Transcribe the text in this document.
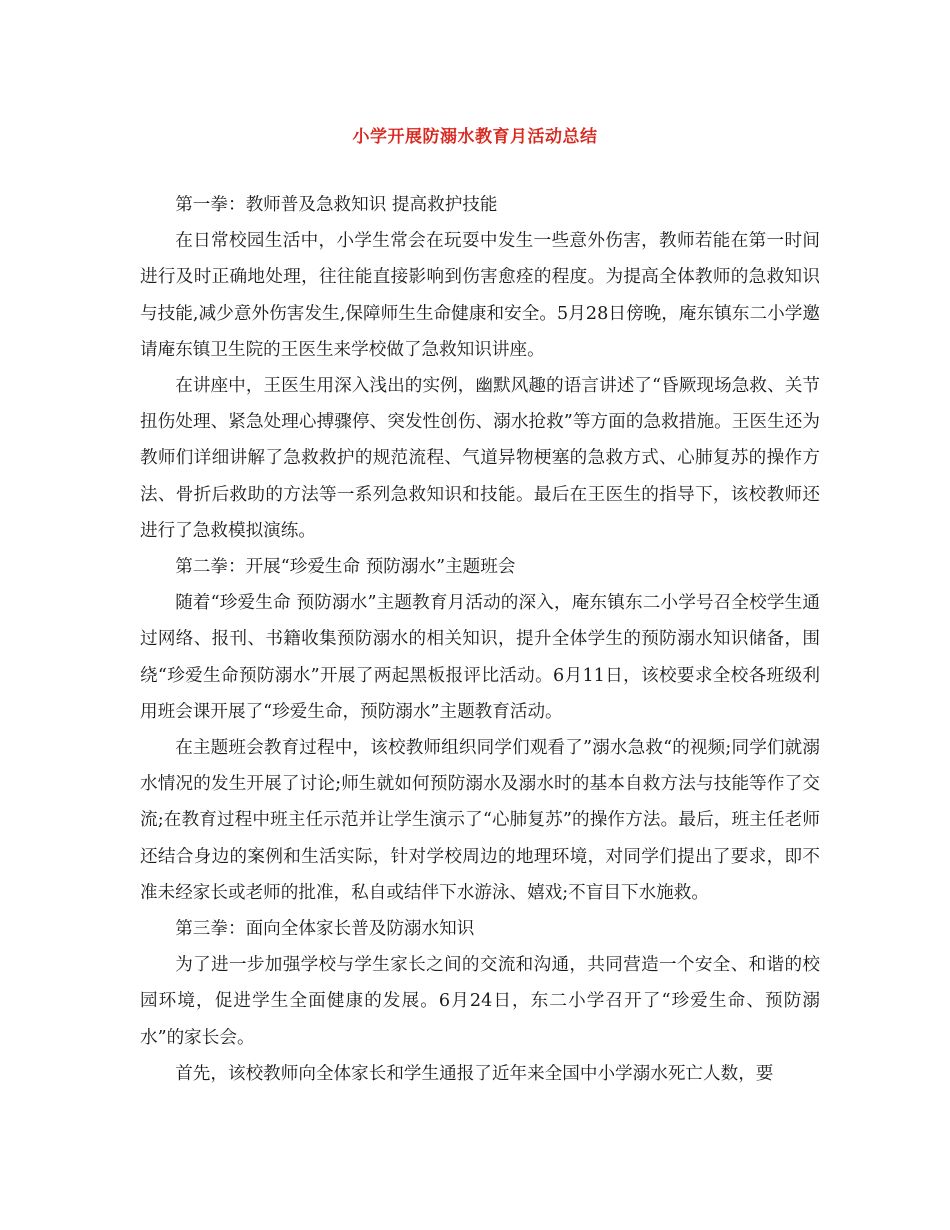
小学开展防溺水教育月活动总结

第一拳：教师普及急救知识 提高救护技能

在日常校园生活中，小学生常会在玩耍中发生一些意外伤害，教师若能在第一时间进行及时正确地处理，往往能直接影响到伤害愈痊的程度。为提高全体教师的急救知识与技能,减少意外伤害发生,保障师生生命健康和安全。5月28日傍晚，庵东镇东二小学邀请庵东镇卫生院的王医生来学校做了急救知识讲座。

在讲座中，王医生用深入浅出的实例，幽默风趣的语言讲述了“昏厥现场急救、关节扭伤处理、紧急处理心搏骤停、突发性创伤、溺水抢救”等方面的急救措施。王医生还为教师们详细讲解了急救救护的规范流程、气道异物梗塞的急救方式、心肺复苏的操作方法、骨折后救助的方法等一系列急救知识和技能。最后在王医生的指导下，该校教师还进行了急救模拟演练。

第二拳：开展“珍爱生命 预防溺水”主题班会

随着“珍爱生命 预防溺水”主题教育月活动的深入，庵东镇东二小学号召全校学生通过网络、报刊、书籍收集预防溺水的相关知识，提升全体学生的预防溺水知识储备，围绕“珍爱生命预防溺水”开展了两起黑板报评比活动。6月11日，该校要求全校各班级利用班会课开展了“珍爱生命，预防溺水”主题教育活动。

在主题班会教育过程中，该校教师组织同学们观看了”溺水急救“的视频;同学们就溺水情况的发生开展了讨论;师生就如何预防溺水及溺水时的基本自救方法与技能等作了交流;在教育过程中班主任示范并让学生演示了“心肺复苏”的操作方法。最后，班主任老师还结合身边的案例和生活实际，针对学校周边的地理环境，对同学们提出了要求，即不准未经家长或老师的批准，私自或结伴下水游泳、嬉戏;不盲目下水施救。

第三拳：面向全体家长普及防溺水知识

为了进一步加强学校与学生家长之间的交流和沟通，共同营造一个安全、和谐的校园环境，促进学生全面健康的发展。6月24日，东二小学召开了“珍爱生命、预防溺水”的家长会。

首先，该校教师向全体家长和学生通报了近年来全国中小学溺水死亡人数，要
